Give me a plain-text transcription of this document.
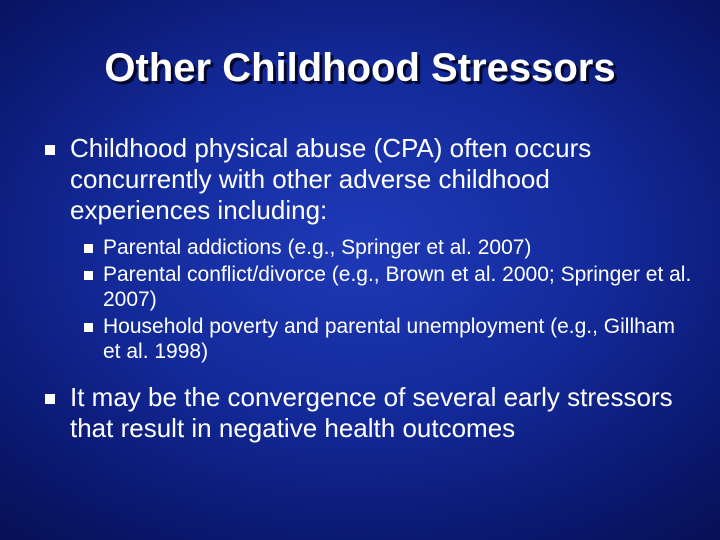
Other Childhood Stressors
Childhood physical abuse (CPA) often occurs concurrently with other adverse childhood experiences including:
Parental addictions (e.g., Springer et al. 2007)
Parental conflict/divorce (e.g., Brown et al. 2000; Springer et al. 2007)
Household poverty and parental unemployment (e.g., Gillham et al. 1998)
It may be the convergence of several early stressors that result in negative health outcomes
